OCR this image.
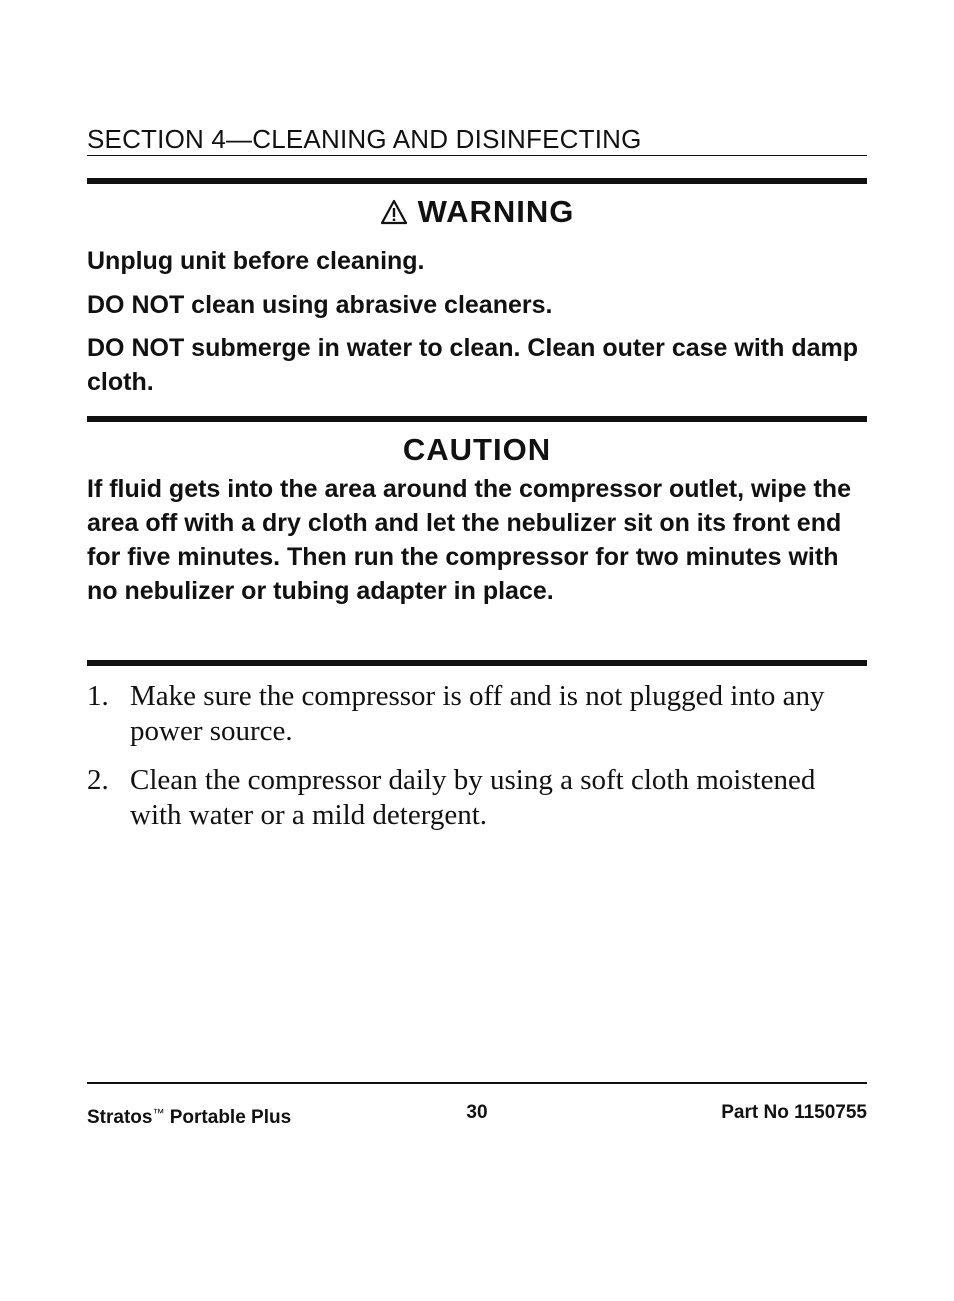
SECTION 4—CLEANING AND DISINFECTING
WARNING
Unplug unit before cleaning.
DO NOT clean using abrasive cleaners.
DO NOT submerge in water to clean. Clean outer case with damp cloth.
CAUTION
If fluid gets into the area around the compressor outlet, wipe the area off with a dry cloth and let the nebulizer sit on its front end for five minutes. Then run the compressor for two minutes with no nebulizer or tubing adapter in place.
1. Make sure the compressor is off and is not plugged into any power source.
2. Clean the compressor daily by using a soft cloth moistened with water or a mild detergent.
Stratos™ Portable Plus	30	Part No 1150755
